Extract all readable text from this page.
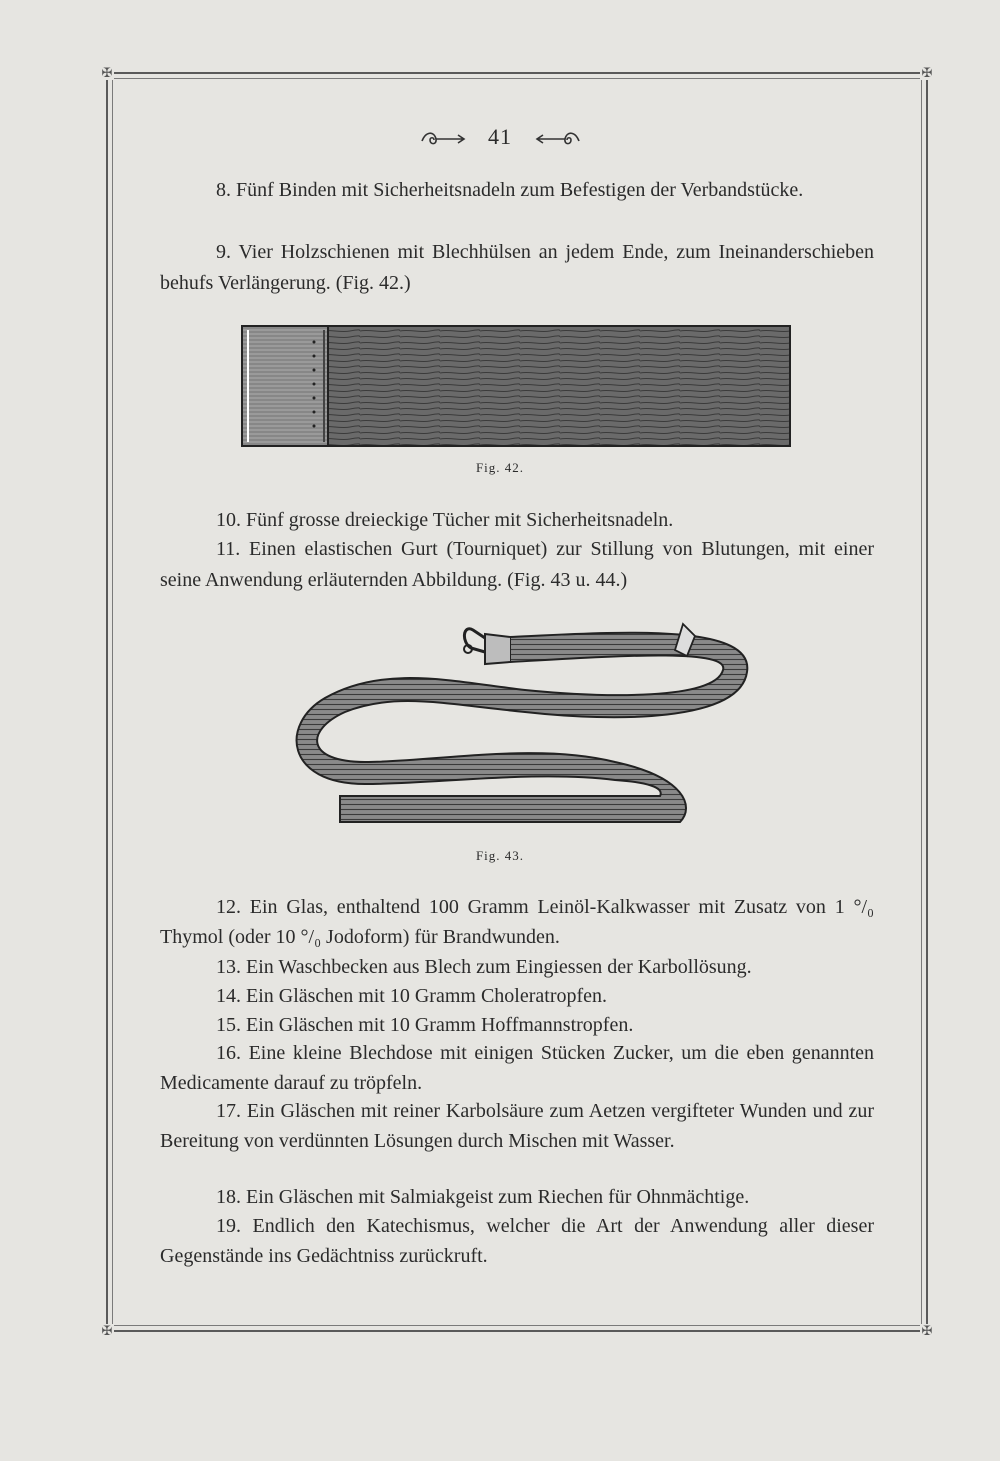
✠	✠
✠	✠
41

8. Fünf Binden mit Sicherheitsnadeln zum Befestigen der Verbandstücke.

9. Vier Holzschienen mit Blechhülsen an jedem Ende, zum Ineinanderschieben behufs Verlängerung. (Fig. 42.)

Fig. 42.

10. Fünf grosse dreieckige Tücher mit Sicherheitsnadeln.

11. Einen elastischen Gurt (Tourniquet) zur Stillung von Blutungen, mit einer seine Anwendung erläuternden Abbildung. (Fig. 43 u. 44.)

Fig. 43.

12. Ein Glas, enthaltend 100 Gramm Leinöl-Kalkwasser mit Zusatz von 1 °/₀ Thymol (oder 10 °/₀ Jodoform) für Brandwunden.

13. Ein Waschbecken aus Blech zum Eingiessen der Karbollösung.

14. Ein Gläschen mit 10 Gramm Choleratropfen.

15. Ein Gläschen mit 10 Gramm Hoffmannstropfen.

16. Eine kleine Blechdose mit einigen Stücken Zucker, um die eben genannten Medicamente darauf zu tröpfeln.

17. Ein Gläschen mit reiner Karbolsäure zum Aetzen vergifteter Wunden und zur Bereitung von verdünnten Lösungen durch Mischen mit Wasser.

18. Ein Gläschen mit Salmiakgeist zum Riechen für Ohnmächtige.

19. Endlich den Katechismus, welcher die Art der Anwendung aller dieser Gegenstände ins Gedächtniss zurückruft.
